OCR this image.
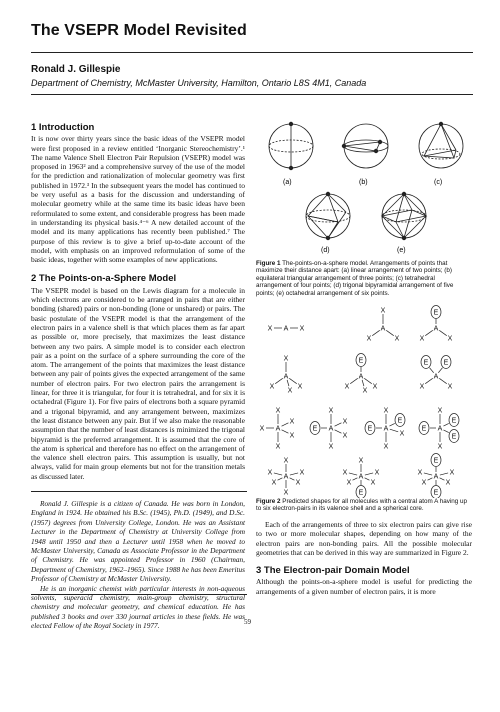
The VSEPR Model Revisited
Ronald J. Gillespie
Department of Chemistry, McMaster University, Hamilton, Ontario L8S 4M1, Canada
1 Introduction

It is now over thirty years since the basic ideas of the VSEPR model were first proposed in a review entitled ‘Inorganic Stereochemistry’.¹ The name Valence Shell Electron Pair Repulsion (VSEPR) model was proposed in 1963² and a comprehensive survey of the use of the model for the prediction and rationalization of molecular geometry was first published in 1972.³ In the subsequent years the model has continued to be very useful as a basis for the discussion and understanding of molecular geometry while at the same time its basic ideas have been reformulated to some extent, and considerable progress has been made in understanding its physical basis.⁴⁻⁶ A new detailed account of the model and its many applications has recently been published.⁷ The purpose of this review is to give a brief up-to-date account of the model, with emphasis on an improved reformulation of some of the basic ideas, together with some examples of new applications.

2 The Points-on-a-Sphere Model

The VSEPR model is based on the Lewis diagram for a molecule in which electrons are considered to be arranged in pairs that are either bonding (shared) pairs or non-bonding (lone or unshared) or pairs. The basic postulate of the VSEPR model is that the arrangement of the electron pairs in a valence shell is that which places them as far apart as possible or, more precisely, that maximizes the least distance between any two pairs. A simple model is to consider each electron pair as a point on the surface of a sphere surrounding the core of the atom. The arrangement of the points that maximizes the least distance between any pair of points gives the expected arrangement of the same number of electron pairs. For two electron pairs the arrangement is linear, for three it is triangular, for four it is tetrahedral, and for six it is octahedral (Figure 1). For five pairs of electrons both a square pyramid and a trigonal bipyramid, and any arrangement between, maximizes the least distance between any pair. But if we also make the reasonable assumption that the number of least distances is minimized the trigonal bipyramid is the preferred arrangement. It is assumed that the core of the atom is spherical and therefore has no effect on the arrangement of the valence shell electron pairs. This assumption is usually, but not always, valid for main group elements but not for the transition metals as discussed later.

Ronald J. Gillespie is a citizen of Canada. He was born in London, England in 1924. He obtained his B.Sc. (1945), Ph.D. (1949), and D.Sc. (1957) degrees from University College, London. He was an Assistant Lecturer in the Department of Chemistry at University College from 1948 until 1950 and then a Lecturer until 1958 when he moved to McMaster University, Canada as Associate Professor in the Department of Chemistry. He was appointed Professor in 1960 (Chairman, Department of Chemistry, 1962–1965). Since 1988 he has been Emeritus Professor of Chemistry at McMaster University.

He is an inorganic chemist with particular interests in non-aqueous solvents, superacid chemistry, main-group chemistry, structural chemistry and molecular geometry, and chemical education. He has published 3 books and over 330 journal articles in these fields. He was elected Fellow of the Royal Society in 1977.	59
(a)	(b)	(c)
(d)	(e)
Figure 1 The-points-on-a-sphere model. Arrangements of points that maximize their distance apart: (a) linear arrangement of two points; (b) equilateral triangular arrangement of three points; (c) tetrahedral arrangement of four points; (d) trigonal bipyramidal arrangement of five points; (e) octahedral arrangement of six points.
A
X	X	A
X
X	X
A
E
X	X
A
X
X	X
X
A
E
X	X
X
A
E E
X	X
A
X
X
X
X
X
A
X
X
E
X
X
A
X
X
E
E
X
A
X
X
E
E
E
A
X
X
X	X
X	X
A
X
E
X	X
X	X
A
E
E
X	X
X	X
Figure 2 Predicted shapes for all molecules with a central atom A having up to six electron-pairs in its valence shell and a spherical core.

Each of the arrangements of three to six electron pairs can give rise to two or more molecular shapes, depending on how many of the electron pairs are non-bonding pairs. All the possible molecular geometries that can be derived in this way are summarized in Figure 2.

3 The Electron-pair Domain Model

Although the points-on-a-sphere model is useful for predicting the arrangements of a given number of electron pairs, it is more
